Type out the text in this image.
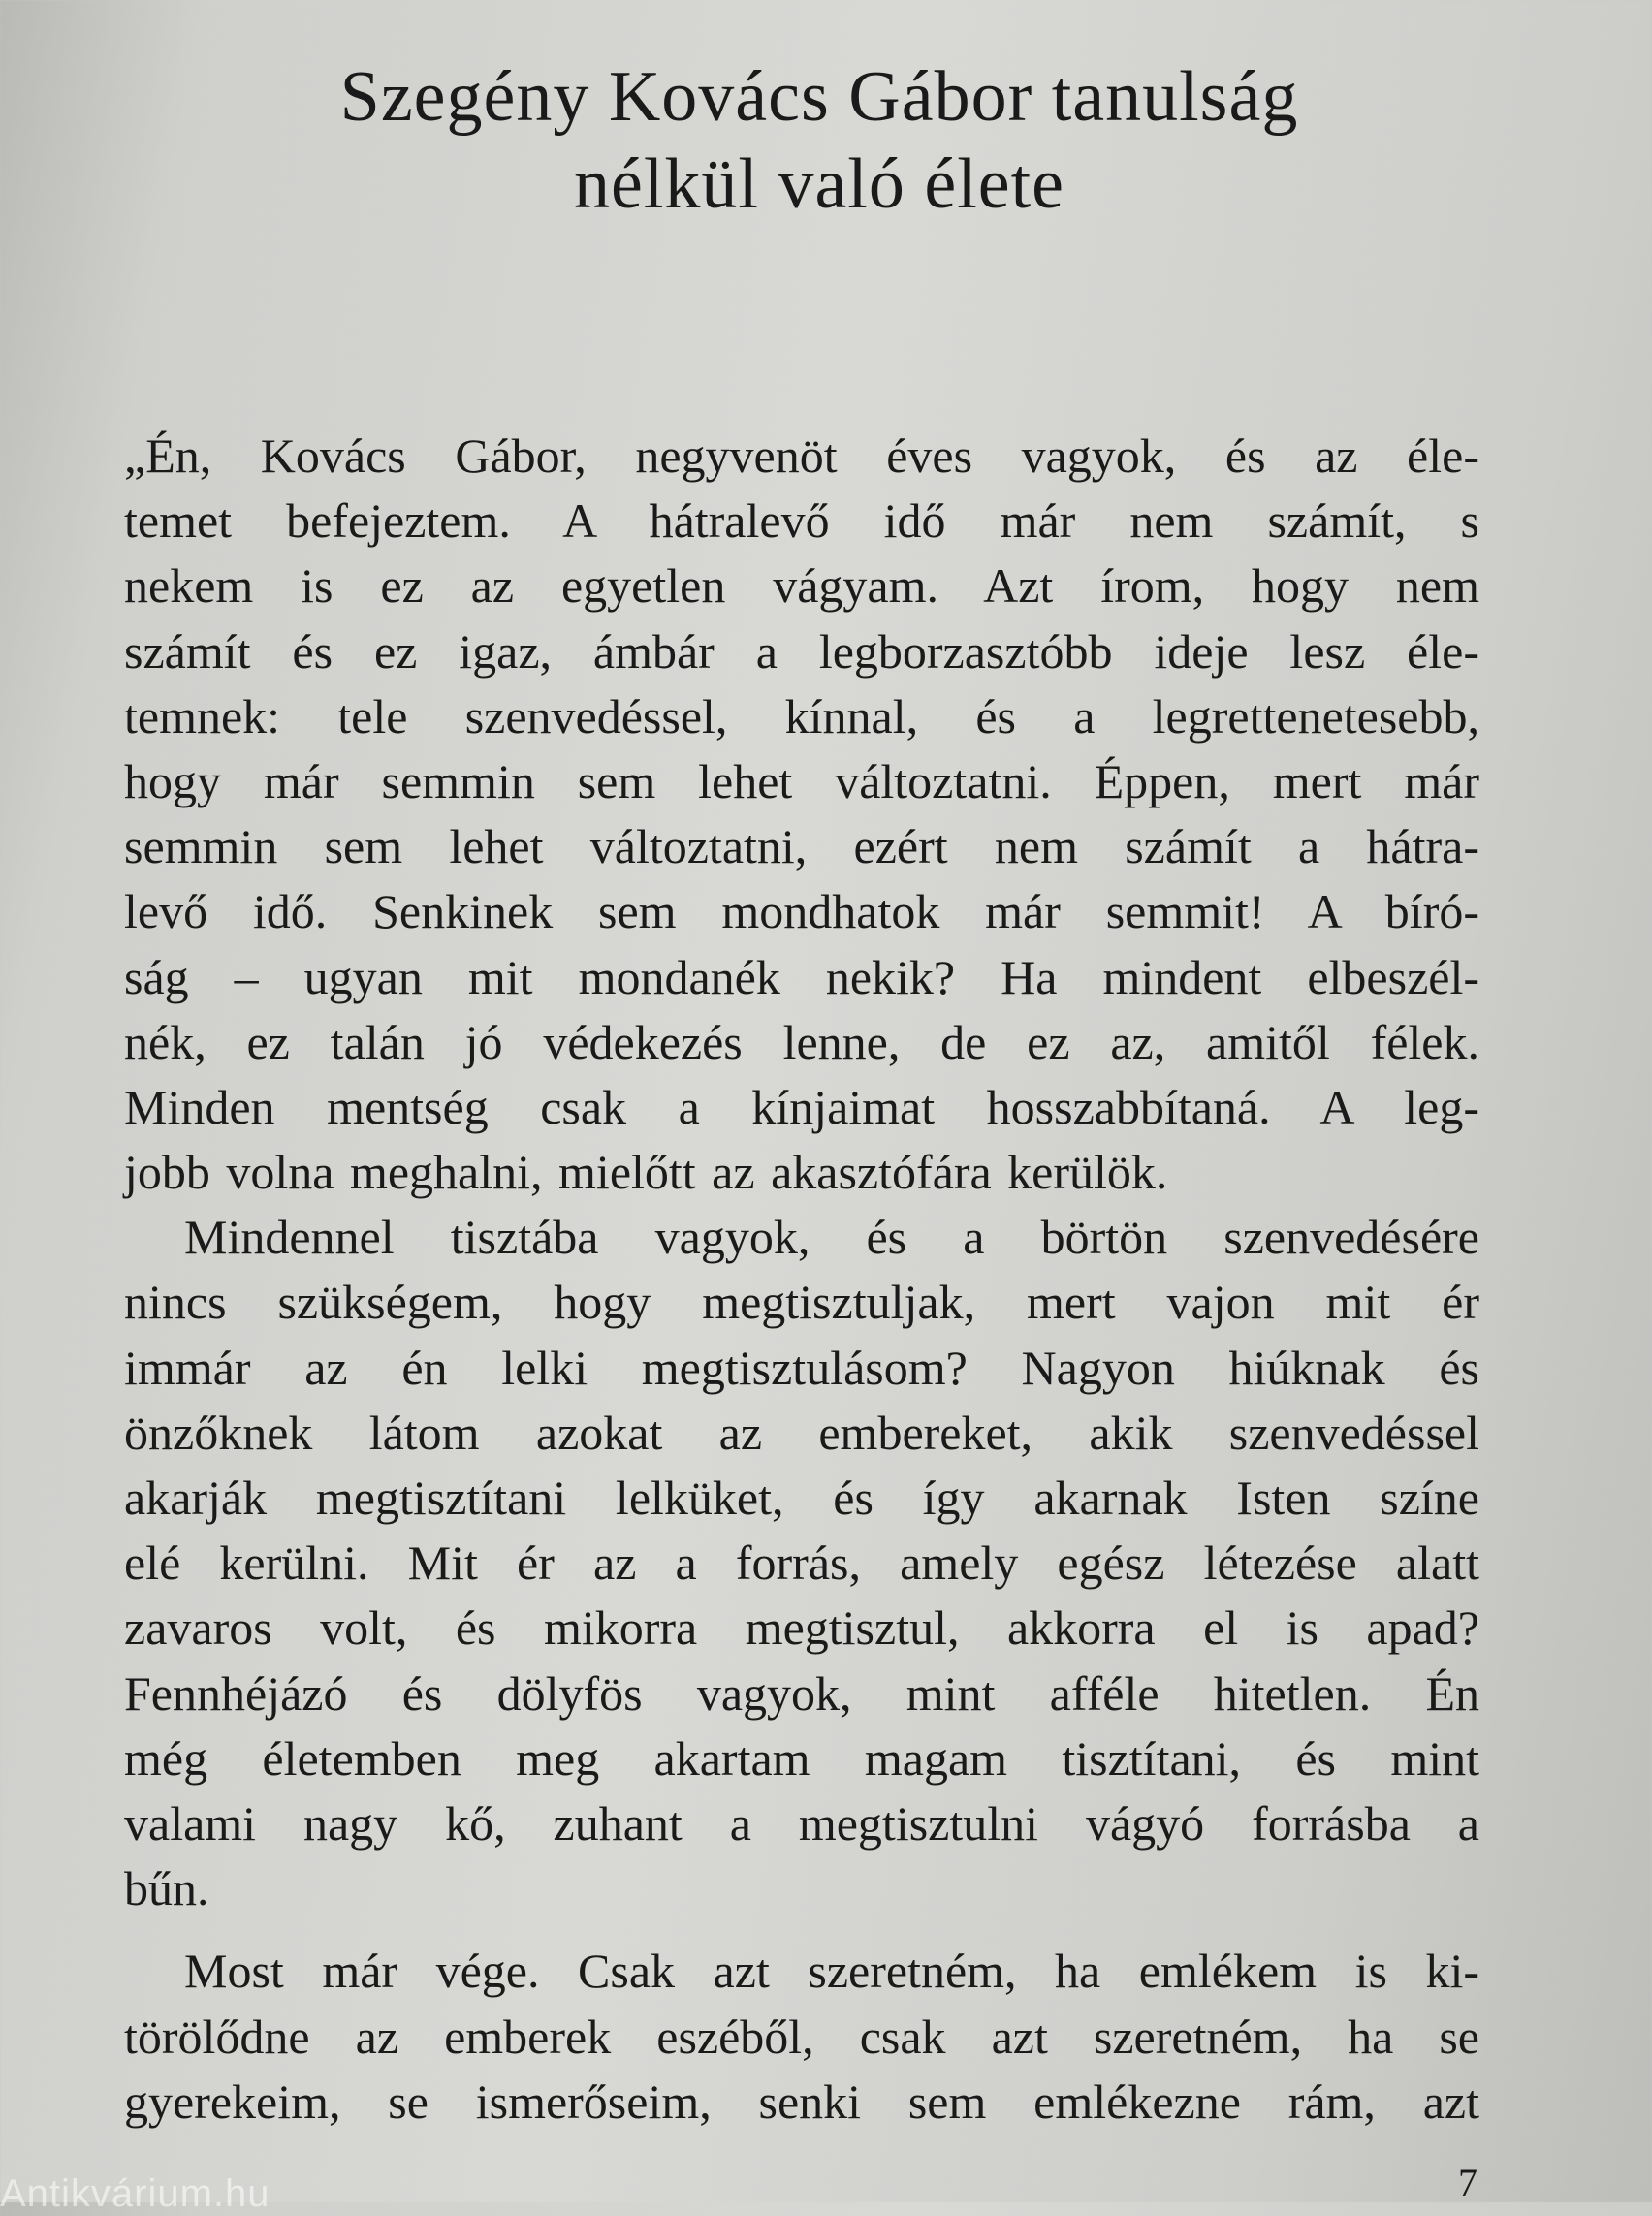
Szegény Kovács Gábor tanulság
nélkül való élete

„Én, Kovács Gábor, negyvenöt éves vagyok, és az éle-
temet befejeztem. A hátralevő idő már nem számít, s
nekem is ez az egyetlen vágyam. Azt írom, hogy nem
számít és ez igaz, ámbár a legborzasztóbb ideje lesz éle-
temnek: tele szenvedéssel, kínnal, és a legrettenetesebb,
hogy már semmin sem lehet változtatni. Éppen, mert már
semmin sem lehet változtatni, ezért nem számít a hátra-
levő idő. Senkinek sem mondhatok már semmit! A bíró-
ság – ugyan mit mondanék nekik? Ha mindent elbeszél-
nék, ez talán jó védekezés lenne, de ez az, amitől félek.
Minden mentség csak a kínjaimat hosszabbítaná. A leg-
jobb volna meghalni, mielőtt az akasztófára kerülök.

Mindennel tisztába vagyok, és a börtön szenvedésére
nincs szükségem, hogy megtisztuljak, mert vajon mit ér
immár az én lelki megtisztulásom? Nagyon hiúknak és
önzőknek látom azokat az embereket, akik szenvedéssel
akarják megtisztítani lelküket, és így akarnak Isten színe
elé kerülni. Mit ér az a forrás, amely egész létezése alatt
zavaros volt, és mikorra megtisztul, akkorra el is apad?
Fennhéjázó és dölyfös vagyok, mint afféle hitetlen. Én
még életemben meg akartam magam tisztítani, és mint
valami nagy kő, zuhant a megtisztulni vágyó forrásba a
bűn.

Most már vége. Csak azt szeretném, ha emlékem is ki-
törölődne az emberek eszéből, csak azt szeretném, ha se
gyerekeim, se ismerőseim, senki sem emlékezne rám, azt

7
Antikvárium.hu
